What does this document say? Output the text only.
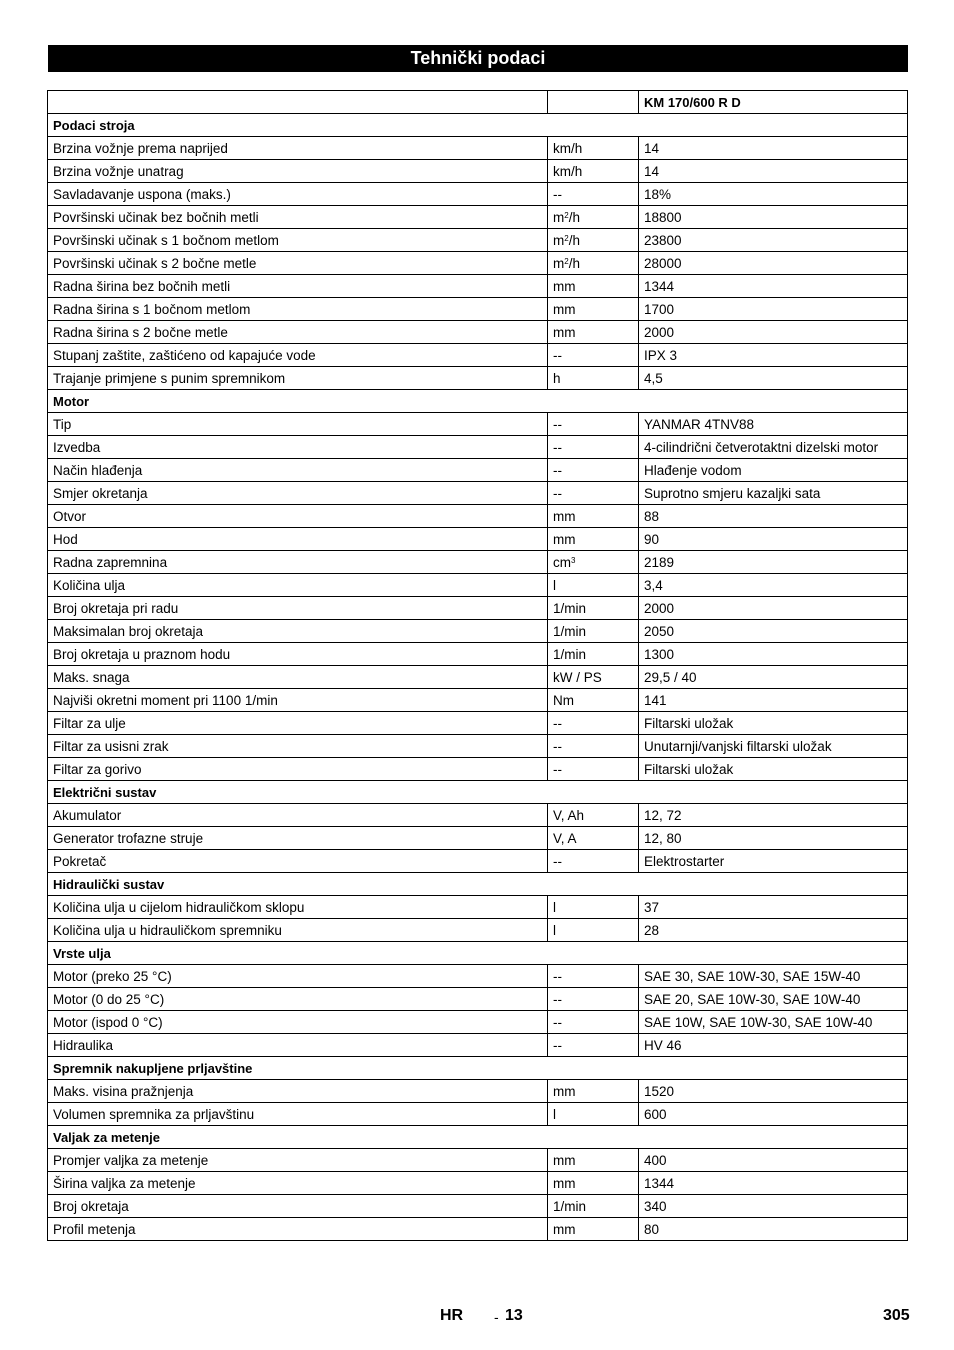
Tehnički podaci
		KM 170/600 R D
Podaci stroja		
Brzina vožnje prema naprijed	km/h	14
Brzina vožnje unatrag	km/h	14
Savladavanje uspona (maks.)	--	18%
Površinski učinak bez bočnih metli	$m^2/h$	18800
Površinski učinak s 1 bočnom metlom	$m^2/h$	23800
Površinski učinak s 2 bočne metle	$m^2/h$	28000
Radna širina bez bočnih metli	mm	1344
Radna širina s 1 bočnom metlom	mm	1700
Radna širina s 2 bočne metle	mm	2000
Stupanj zaštite, zaštićeno od kapajuće vode	--	IPX 3
Trajanje primjene s punim spremnikom	h	4,5
Motor		
Tip	--	YANMAR 4TNV88
Izvedba	--	4-cilindrični četverotaktni dizelski motor
Način hlađenja	--	Hlađenje vodom
Smjer okretanja	--	Suprotno smjeru kazaljki sata
Otvor	mm	88
Hod	mm	90
Radna zapremnina	$cm^3$	2189
Količina ulja	l	3,4
Broj okretaja pri radu	1/min	2000
Maksimalan broj okretaja	1/min	2050
Broj okretaja u praznom hodu	1/min	1300
Maks. snaga	kW / PS	29,5 / 40
Najviši okretni moment pri 1100 1/min	Nm	141
Filtar za ulje	--	Filtarski uložak
Filtar za usisni zrak	--	Unutarnji/vanjski filtarski uložak
Filtar za gorivo	--	Filtarski uložak
Električni sustav		
Akumulator	V, Ah	12, 72
Generator trofazne struje	V, A	12, 80
Pokretač	--	Elektrostarter
Hidraulički sustav		
Količina ulja u cijelom hidrauličkom sklopu	l	37
Količina ulja u hidrauličkom spremniku	l	28
Vrste ulja		
Motor (preko 25 °C)	--	SAE 30, SAE 10W-30, SAE 15W-40
Motor (0 do 25 °C)	--	SAE 20, SAE 10W-30, SAE 10W-40
Motor (ispod 0 °C)	--	SAE 10W, SAE 10W-30, SAE 10W-40
Hidraulika	--	HV 46
Spremnik nakupljene prljavštine		
Maks. visina pražnjenja	mm	1520
Volumen spremnika za prljavštinu	l	600
Valjak za metenje		
Promjer valjka za metenje	mm	400
Širina valjka za metenje	mm	1344
Broj okretaja	1/min	340
Profil metenja	mm	80
HR - 13	305
